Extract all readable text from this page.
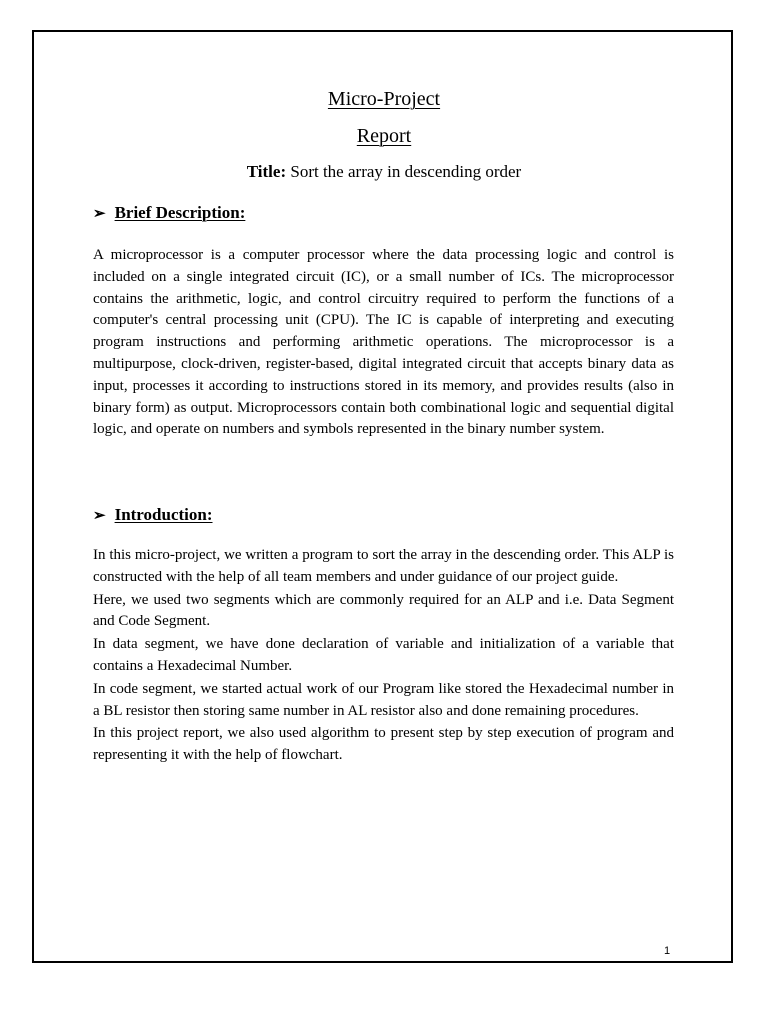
Micro-Project
Report
Title: Sort the array in descending order
➢ Brief Description:

A microprocessor is a computer processor where the data processing logic and control is included on a single integrated circuit (IC), or a small number of ICs. The microprocessor contains the arithmetic, logic, and control circuitry required to perform the functions of a computer's central processing unit (CPU). The IC is capable of interpreting and executing program instructions and performing arithmetic operations. The microprocessor is a multipurpose, clock-driven, register-based, digital integrated circuit that accepts binary data as input, processes it according to instructions stored in its memory, and provides results (also in binary form) as output. Microprocessors contain both combinational logic and sequential digital logic, and operate on numbers and symbols represented in the binary number system.

➢ Introduction:

In this micro-project, we written a program to sort the array in the descending order. This ALP is constructed with the help of all team members and under guidance of our project guide.

Here, we used two segments which are commonly required for an ALP and i.e. Data Segment and Code Segment.

In data segment, we have done declaration of variable and initialization of a variable that contains a Hexadecimal Number.

In code segment, we started actual work of our Program like stored the Hexadecimal number in a BL resistor then storing same number in AL resistor also and done remaining procedures.

In this project report, we also used algorithm to present step by step execution of program and representing it with the help of flowchart.

1
